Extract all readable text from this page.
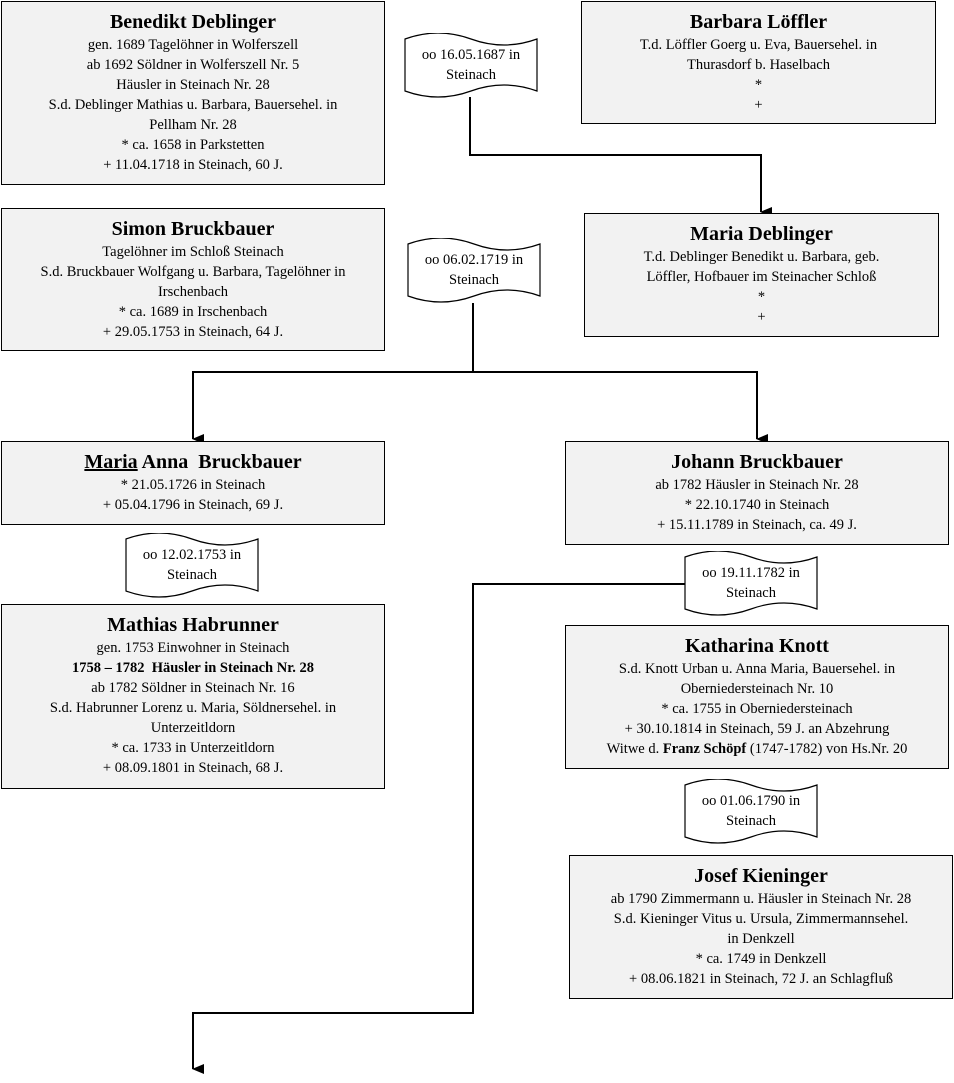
Benedikt Deblinger
gen. 1689 Tagelöhner in Wolferszell
ab 1692 Söldner in Wolferszell Nr. 5
Häusler in Steinach Nr. 28
S.d. Deblinger Mathias u. Barbara, Bauersehel. in
Pellham Nr. 28
* ca. 1658 in Parkstetten
+ 11.04.1718 in Steinach, 60 J.
Barbara Löffler
T.d. Löffler Goerg u. Eva, Bauersehel. in
Thurasdorf b. Haselbach
*
+
Simon Bruckbauer
Tagelöhner im Schloß Steinach
S.d. Bruckbauer Wolfgang u. Barbara, Tagelöhner in
Irschenbach
* ca. 1689 in Irschenbach
+ 29.05.1753 in Steinach, 64 J.
Maria Deblinger
T.d. Deblinger Benedikt u. Barbara, geb.
Löffler, Hofbauer im Steinacher Schloß
*
+
Maria Anna  Bruckbauer
* 21.05.1726 in Steinach
+ 05.04.1796 in Steinach, 69 J.
Johann Bruckbauer
ab 1782 Häusler in Steinach Nr. 28
* 22.10.1740 in Steinach
+ 15.11.1789 in Steinach, ca. 49 J.
Mathias Habrunner
gen. 1753 Einwohner in Steinach
1758 – 1782  Häusler in Steinach Nr. 28
ab 1782 Söldner in Steinach Nr. 16
S.d. Habrunner Lorenz u. Maria, Söldnersehel. in
Unterzeitldorn
* ca. 1733 in Unterzeitldorn
+ 08.09.1801 in Steinach, 68 J.
Katharina Knott
S.d. Knott Urban u. Anna Maria, Bauersehel. in
Oberniedersteinach Nr. 10
* ca. 1755 in Oberniedersteinach
+ 30.10.1814 in Steinach, 59 J. an Abzehrung
Witwe d. Franz Schöpf (1747-1782) von Hs.Nr. 20
Josef Kieninger
ab 1790 Zimmermann u. Häusler in Steinach Nr. 28
S.d. Kieninger Vitus u. Ursula, Zimmermannsehel.
in Denkzell
* ca. 1749 in Denkzell
+ 08.06.1821 in Steinach, 72 J. an Schlagfluß
oo 16.05.1687 in Steinach
oo 06.02.1719 in Steinach
oo 12.02.1753 in Steinach	oo 19.11.1782 in Steinach
oo 01.06.1790 in Steinach
